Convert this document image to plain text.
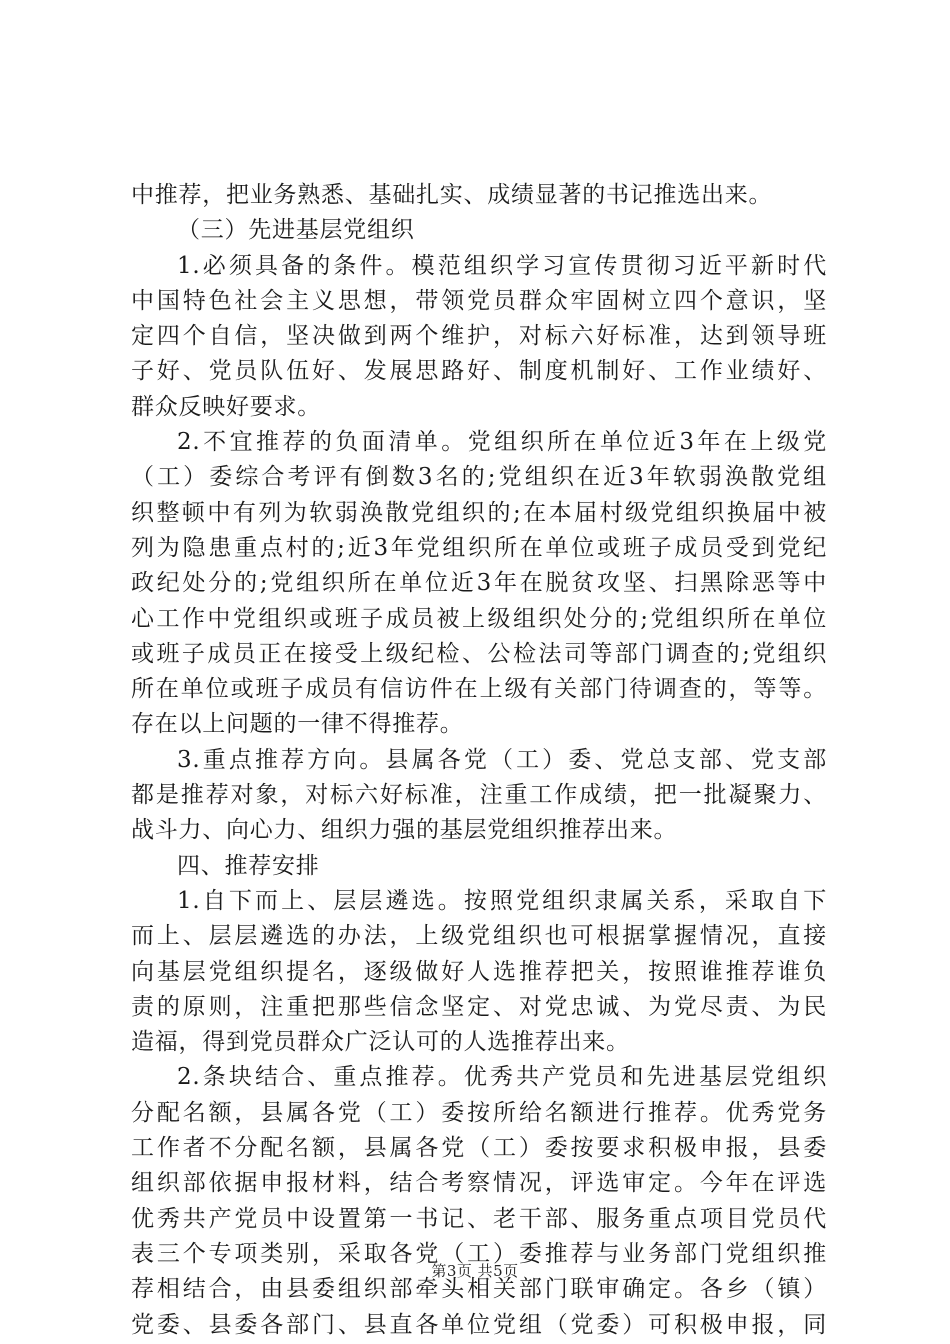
中推荐，把业务熟悉、基础扎实、成绩显著的书记推选出来。
（三）先进基层党组织
1.必须具备的条件。模范组织学习宣传贯彻习近平新时代
中国特色社会主义思想，带领党员群众牢固树立四个意识，坚
定四个自信，坚决做到两个维护，对标六好标准，达到领导班
子好、党员队伍好、发展思路好、制度机制好、工作业绩好、
群众反映好要求。
2.不宜推荐的负面清单。党组织所在单位近3年在上级党
（工）委综合考评有倒数3名的;党组织在近3年软弱涣散党组
织整顿中有列为软弱涣散党组织的;在本届村级党组织换届中被
列为隐患重点村的;近3年党组织所在单位或班子成员受到党纪
政纪处分的;党组织所在单位近3年在脱贫攻坚、扫黑除恶等中
心工作中党组织或班子成员被上级组织处分的;党组织所在单位
或班子成员正在接受上级纪检、公检法司等部门调查的;党组织
所在单位或班子成员有信访件在上级有关部门待调查的，等等。
存在以上问题的一律不得推荐。
3.重点推荐方向。县属各党（工）委、党总支部、党支部
都是推荐对象，对标六好标准，注重工作成绩，把一批凝聚力、
战斗力、向心力、组织力强的基层党组织推荐出来。
四、推荐安排
1.自下而上、层层遴选。按照党组织隶属关系，采取自下
而上、层层遴选的办法，上级党组织也可根据掌握情况，直接
向基层党组织提名，逐级做好人选推荐把关，按照谁推荐谁负
责的原则，注重把那些信念坚定、对党忠诚、为党尽责、为民
造福，得到党员群众广泛认可的人选推荐出来。
2.条块结合、重点推荐。优秀共产党员和先进基层党组织
分配名额，县属各党（工）委按所给名额进行推荐。优秀党务
工作者不分配名额，县属各党（工）委按要求积极申报，县委
组织部依据申报材料，结合考察情况，评选审定。今年在评选
优秀共产党员中设置第一书记、老干部、服务重点项目党员代
表三个专项类别，采取各党（工）委推荐与业务部门党组织推
荐相结合，由县委组织部牵头相关部门联审确定。各乡（镇）
党委、县委各部门、县直各单位党组（党委）可积极申报，同
第3页 共5页
